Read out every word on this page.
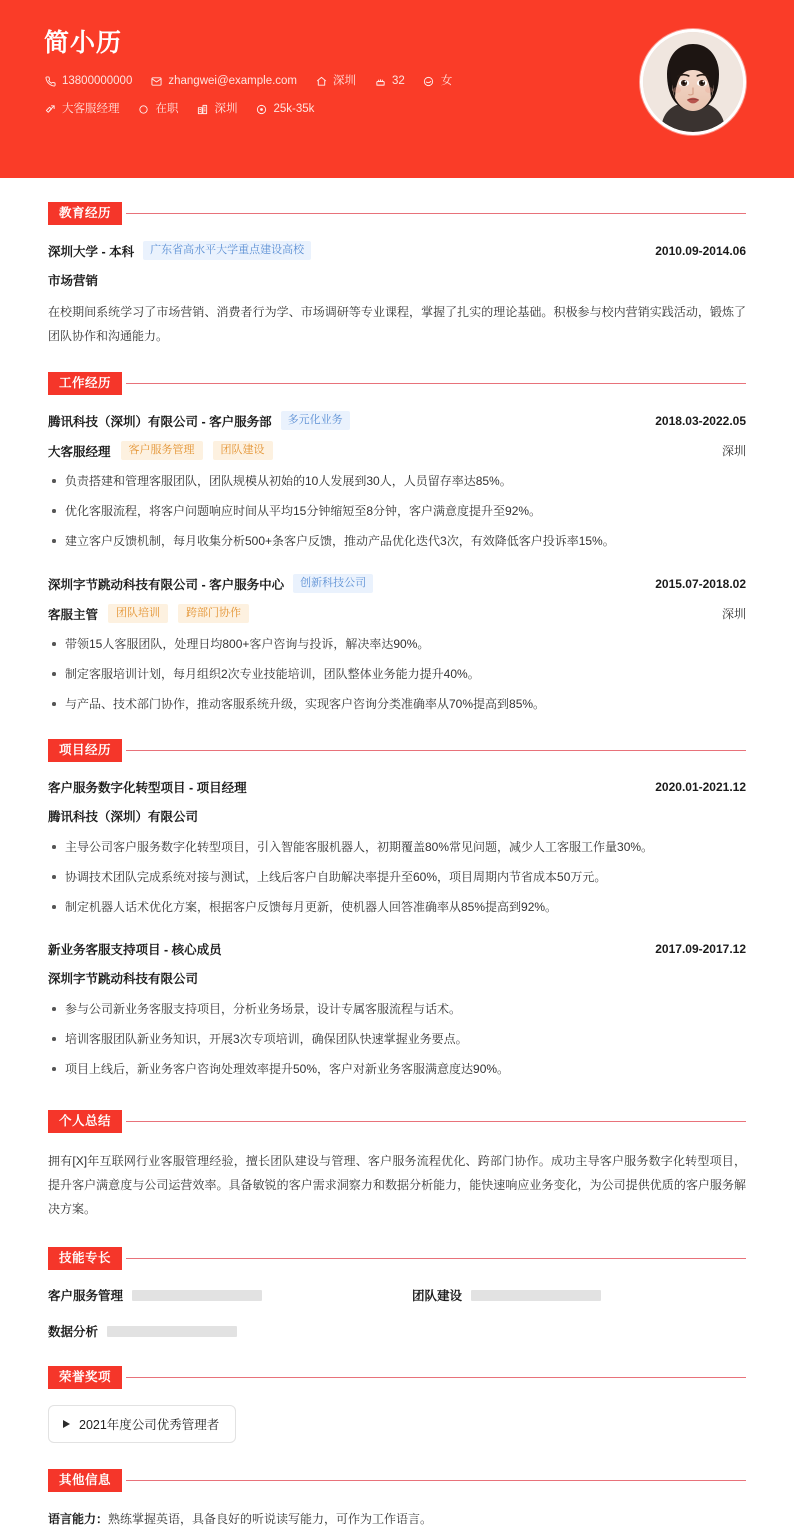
简小历
13800000000	zhangwei@example.com	深圳	32	女
大客服经理	在职	深圳	25k-35k
教育经历
深圳大学 - 本科	广东省高水平大学重点建设高校	2010.09-2014.06
市场营销
在校期间系统学习了市场营销、消费者行为学、市场调研等专业课程，掌握了扎实的理论基础。积极参与校内营销实践活动，锻炼了团队协作和沟通能力。
工作经历
腾讯科技（深圳）有限公司 - 客户服务部	多元化业务	2018.03-2022.05
大客服经理	客户服务管理	团队建设	深圳
负责搭建和管理客服团队，团队规模从初始的10人发展到30人，人员留存率达85%。
优化客服流程，将客户问题响应时间从平均15分钟缩短至8分钟，客户满意度提升至92%。
建立客户反馈机制，每月收集分析500+条客户反馈，推动产品优化迭代3次，有效降低客户投诉率15%。
深圳字节跳动科技有限公司 - 客户服务中心	创新科技公司	2015.07-2018.02
客服主管	团队培训	跨部门协作	深圳
带领15人客服团队，处理日均800+客户咨询与投诉，解决率达90%。
制定客服培训计划，每月组织2次专业技能培训，团队整体业务能力提升40%。
与产品、技术部门协作，推动客服系统升级，实现客户咨询分类准确率从70%提高到85%。
项目经历
客户服务数字化转型项目 - 项目经理	2020.01-2021.12
腾讯科技（深圳）有限公司
主导公司客户服务数字化转型项目，引入智能客服机器人，初期覆盖80%常见问题，减少人工客服工作量30%。
协调技术团队完成系统对接与测试，上线后客户自助解决率提升至60%，项目周期内节省成本50万元。
制定机器人话术优化方案，根据客户反馈每月更新，使机器人回答准确率从85%提高到92%。
新业务客服支持项目 - 核心成员	2017.09-2017.12
深圳字节跳动科技有限公司
参与公司新业务客服支持项目，分析业务场景，设计专属客服流程与话术。
培训客服团队新业务知识，开展3次专项培训，确保团队快速掌握业务要点。
项目上线后，新业务客户咨询处理效率提升50%，客户对新业务客服满意度达90%。
个人总结
拥有[X]年互联网行业客服管理经验，擅长团队建设与管理、客户服务流程优化、跨部门协作。成功主导客户服务数字化转型项目，提升客户满意度与公司运营效率。具备敏锐的客户需求洞察力和数据分析能力，能快速响应业务变化，为公司提供优质的客户服务解决方案。
技能专长
客户服务管理	团队建设
数据分析
荣誉奖项
2021年度公司优秀管理者
其他信息
语言能力：熟练掌握英语，具备良好的听说读写能力，可作为工作语言。
